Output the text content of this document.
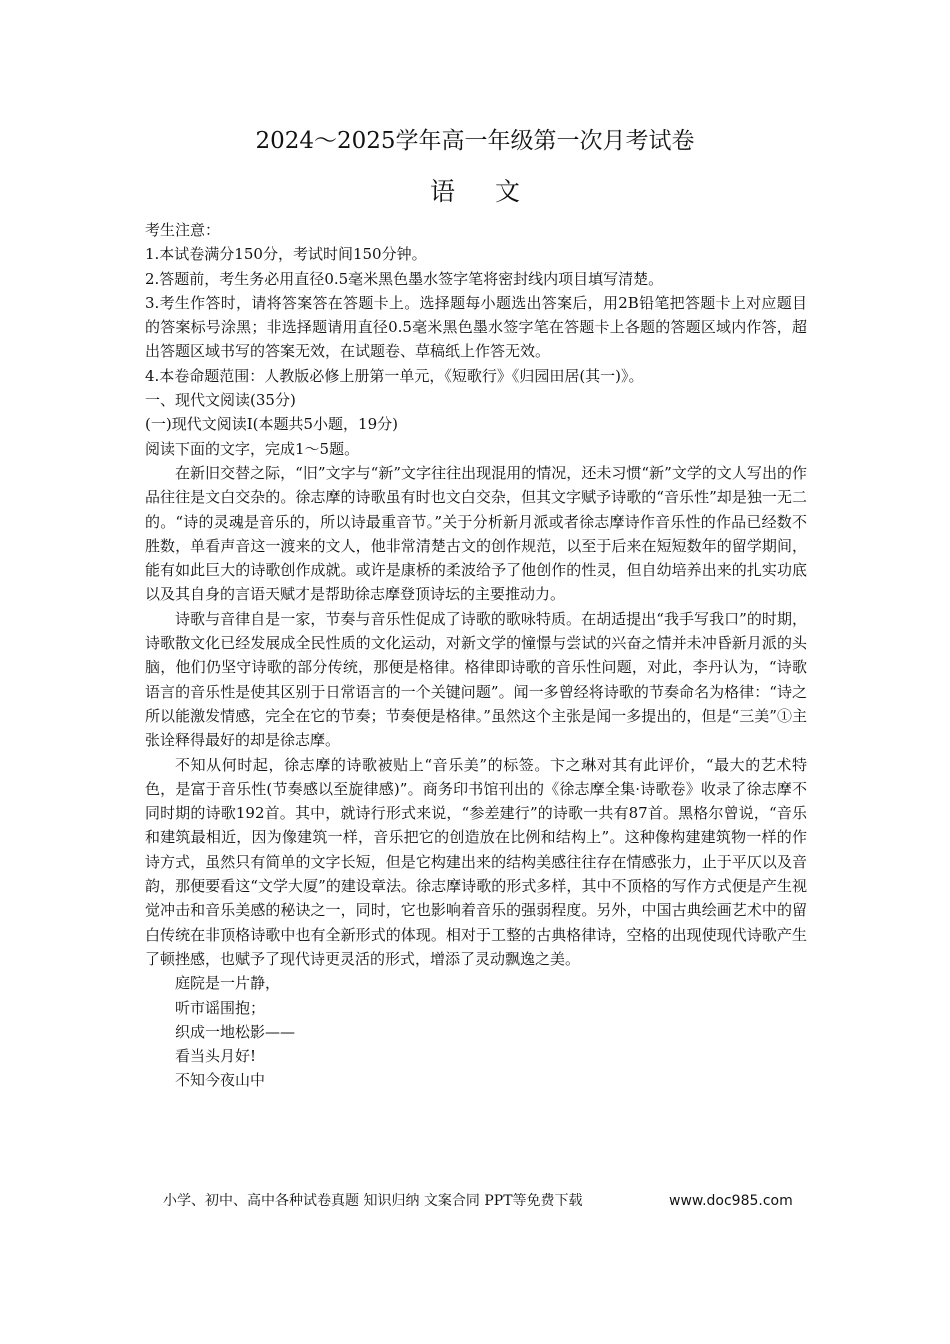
2024～2025学年高一年级第一次月考试卷
语文

考生注意：

1.本试卷满分150分，考试时间150分钟。

2.答题前，考生务必用直径0.5毫米黑色墨水签字笔将密封线内项目填写清楚。

3.考生作答时，请将答案答在答题卡上。选择题每小题选出答案后，用2B铅笔把答题卡上对应题目的答案标号涂黑；非选择题请用直径0.5毫米黑色墨水签字笔在答题卡上各题的答题区域内作答，超出答题区域书写的答案无效，在试题卷、草稿纸上作答无效。

4.本卷命题范围：人教版必修上册第一单元，《短歌行》《归园田居(其一)》。

一、现代文阅读(35分)

(一)现代文阅读Ⅰ(本题共5小题，19分)

阅读下面的文字，完成1～5题。

在新旧交替之际，“旧”文字与“新”文字往往出现混用的情况，还未习惯“新”文学的文人写出的作品往往是文白交杂的。徐志摩的诗歌虽有时也文白交杂，但其文字赋予诗歌的“音乐性”却是独一无二的。“诗的灵魂是音乐的，所以诗最重音节。”关于分析新月派或者徐志摩诗作音乐性的作品已经数不胜数，单看声音这一渡来的文人，他非常清楚古文的创作规范，以至于后来在短短数年的留学期间，能有如此巨大的诗歌创作成就。或许是康桥的柔波给予了他创作的性灵，但自幼培养出来的扎实功底以及其自身的言语天赋才是帮助徐志摩登顶诗坛的主要推动力。

诗歌与音律自是一家，节奏与音乐性促成了诗歌的歌咏特质。在胡适提出“我手写我口”的时期，诗歌散文化已经发展成全民性质的文化运动，对新文学的憧憬与尝试的兴奋之情并未冲昏新月派的头脑，他们仍坚守诗歌的部分传统，那便是格律。格律即诗歌的音乐性问题，对此，李丹认为，“诗歌语言的音乐性是使其区别于日常语言的一个关键问题”。闻一多曾经将诗歌的节奏命名为格律：“诗之所以能激发情感，完全在它的节奏；节奏便是格律。”虽然这个主张是闻一多提出的，但是“三美”①主张诠释得最好的却是徐志摩。

不知从何时起，徐志摩的诗歌被贴上“音乐美”的标签。卞之琳对其有此评价，“最大的艺术特色，是富于音乐性(节奏感以至旋律感)”。商务印书馆刊出的《徐志摩全集·诗歌卷》收录了徐志摩不同时期的诗歌192首。其中，就诗行形式来说，“参差建行”的诗歌一共有87首。黑格尔曾说，“音乐和建筑最相近，因为像建筑一样，音乐把它的创造放在比例和结构上”。这种像构建建筑物一样的作诗方式，虽然只有简单的文字长短，但是它构建出来的结构美感往往存在情感张力，止于平仄以及音韵，那便要看这“文学大厦”的建设章法。徐志摩诗歌的形式多样，其中不顶格的写作方式便是产生视觉冲击和音乐美感的秘诀之一，同时，它也影响着音乐的强弱程度。另外，中国古典绘画艺术中的留白传统在非顶格诗歌中也有全新形式的体现。相对于工整的古典格律诗，空格的出现使现代诗歌产生了顿挫感，也赋予了现代诗更灵活的形式，增添了灵动飘逸之美。

庭院是一片静，

听市谣围抱；

织成一地松影——

看当头月好!

不知今夜山中

小学、初中、高中各种试卷真题 知识归纳 文案合同 PPT等免费下载	www.doc985.com
